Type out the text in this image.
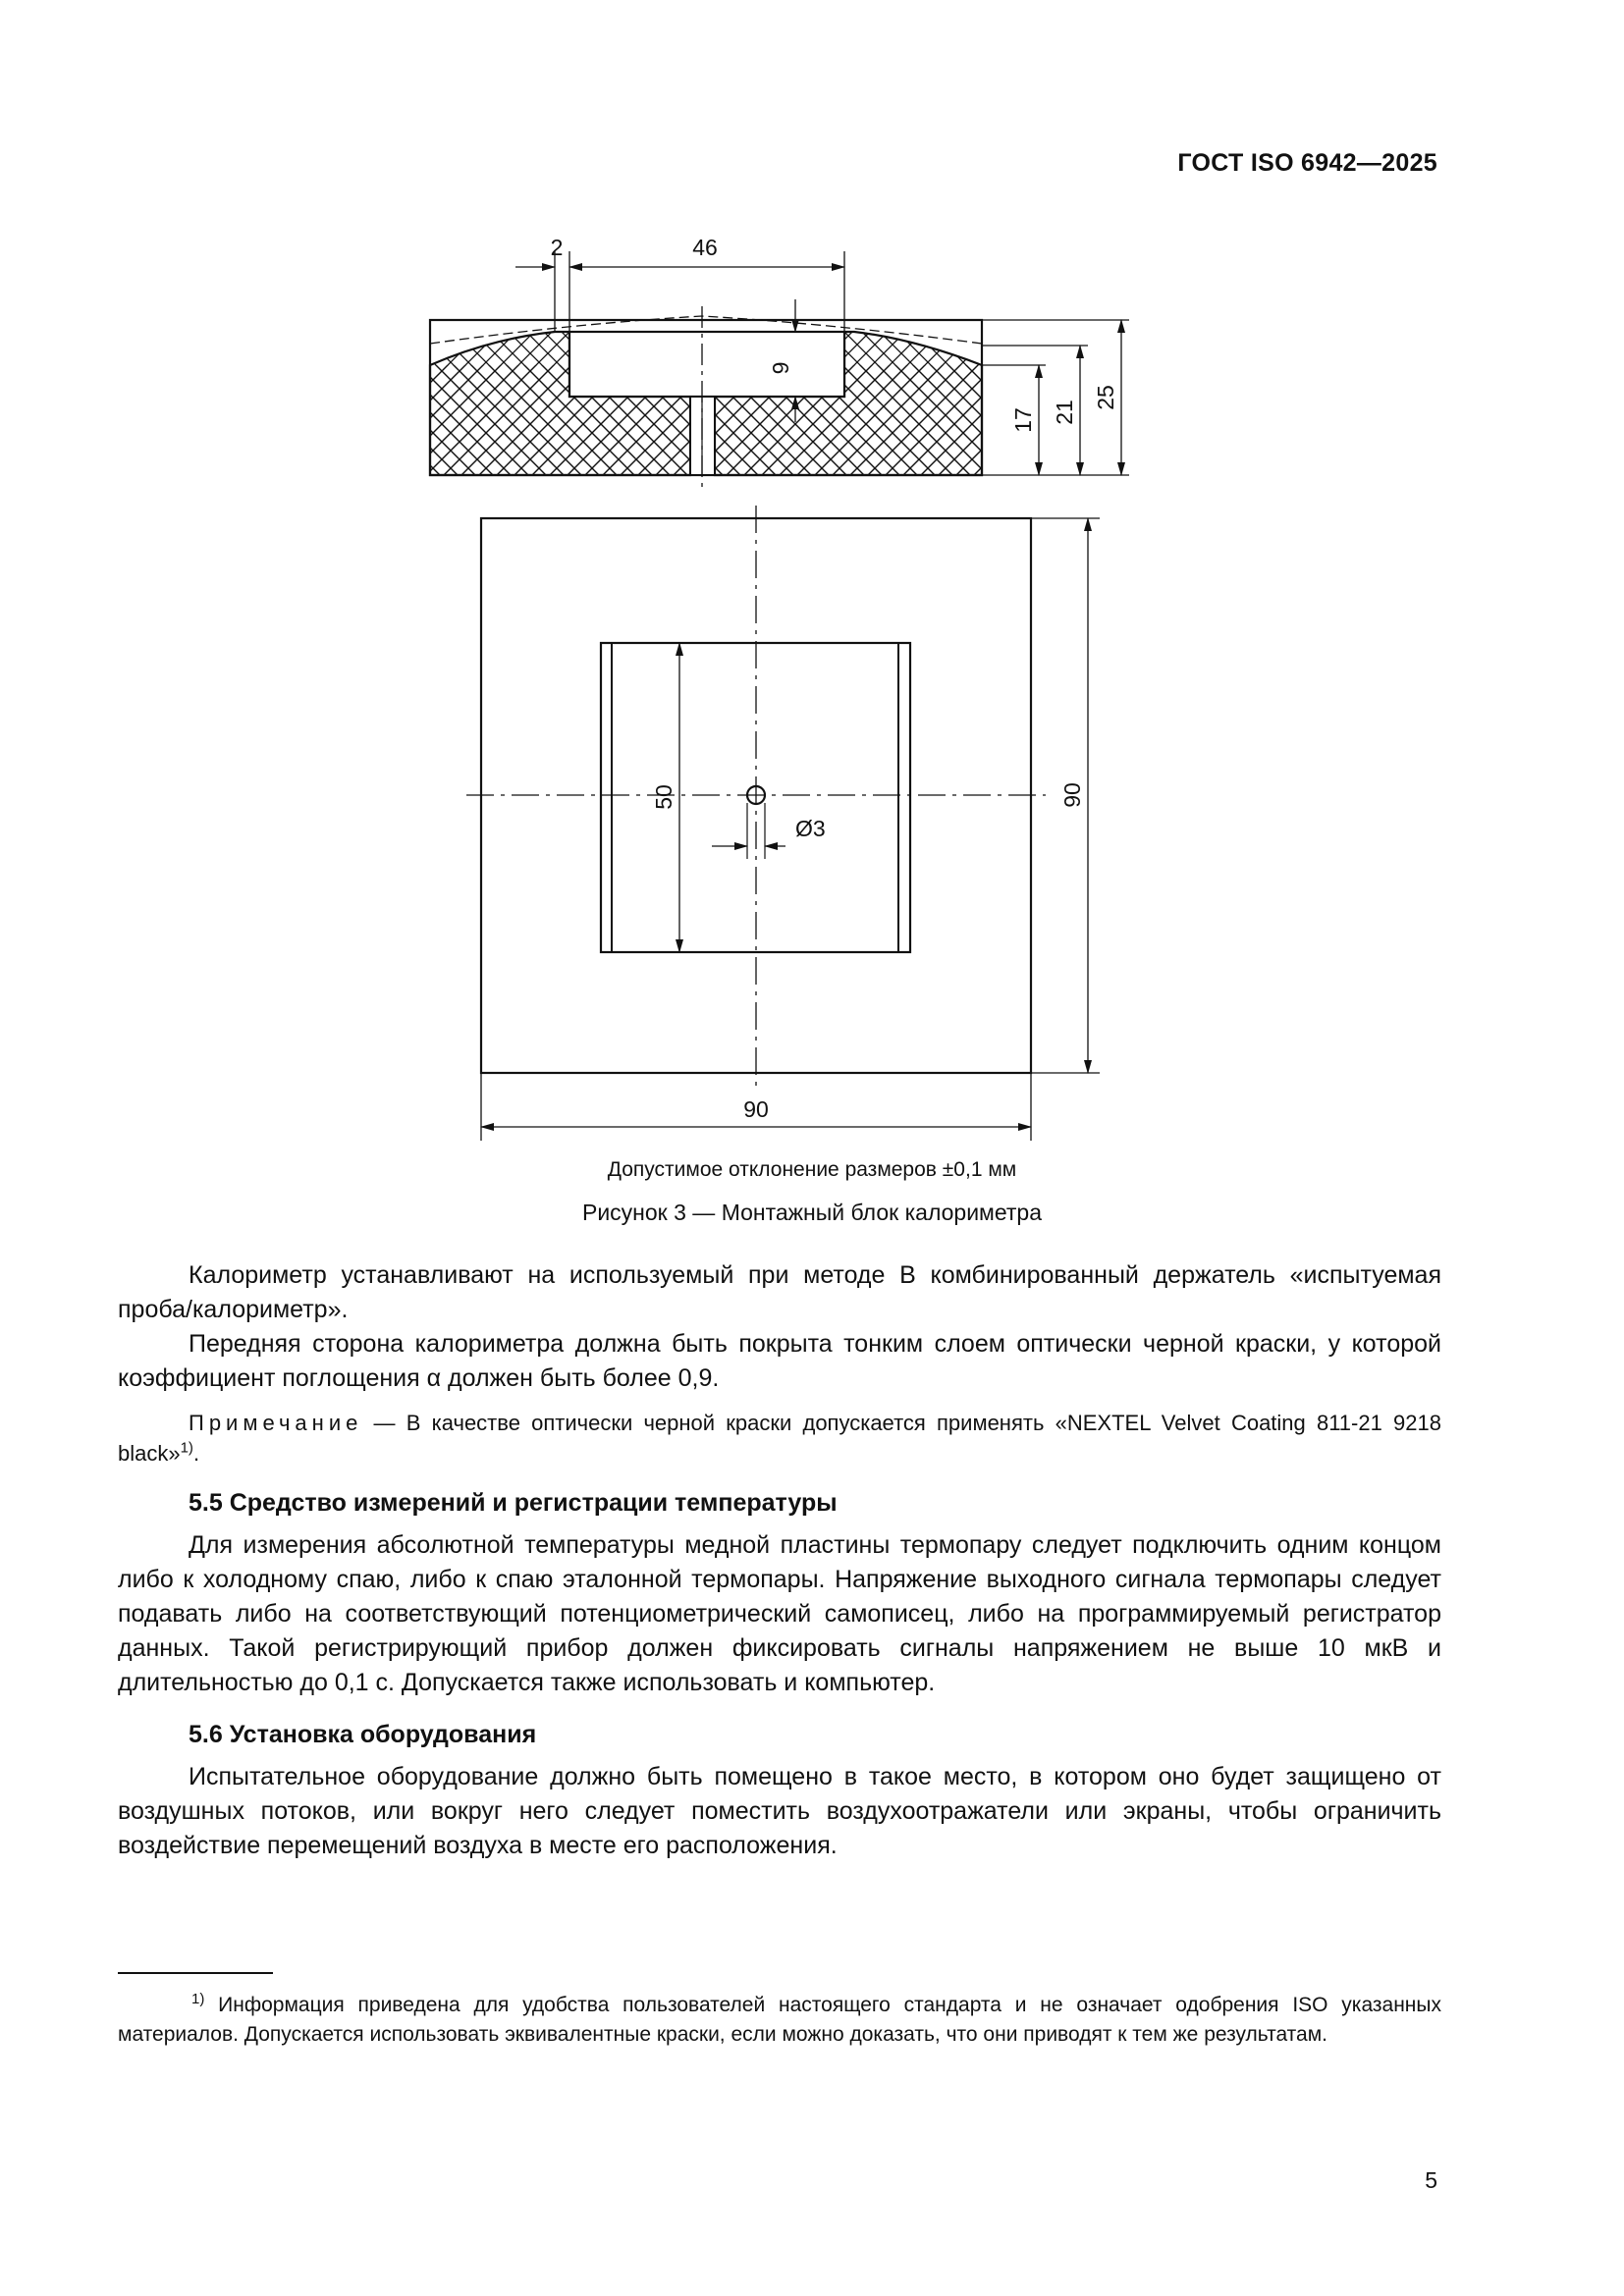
ГОСТ ISO 6942—2025
2	46
9
17 21
25
Ø3
50	90
90
Допустимое отклонение размеров ±0,1 мм
Рисунок 3 — Монтажный блок калориметра

Калориметр устанавливают на используемый при методе B комбинированный держатель «испытуемая проба/калориметр».

Передняя сторона калориметра должна быть покрыта тонким слоем оптически черной краски, у которой коэффициент поглощения α должен быть более 0,9.

Примечание — В качестве оптически черной краски допускается применять «NEXTEL Velvet Coating 811-21 9218 black»$^{1)}$.

5.5 Средство измерений и регистрации температуры

Для измерения абсолютной температуры медной пластины термопару следует подключить одним концом либо к холодному спаю, либо к спаю эталонной термопары. Напряжение выходного сигнала термопары следует подавать либо на соответствующий потенциометрический самописец, либо на программируемый регистратор данных. Такой регистрирующий прибор должен фиксировать сигналы напряжением не выше 10 мкВ и длительностью до 0,1 с. Допускается также использовать и компьютер.

5.6 Установка оборудования

Испытательное оборудование должно быть помещено в такое место, в котором оно будет защищено от воздушных потоков, или вокруг него следует поместить воздухоотражатели или экраны, чтобы ограничить воздействие перемещений воздуха в месте его расположения.

$^{1)}$ Информация приведена для удобства пользователей настоящего стандарта и не означает одобрения ISO указанных материалов. Допускается использовать эквивалентные краски, если можно доказать, что они приводят к тем же результатам.
5
